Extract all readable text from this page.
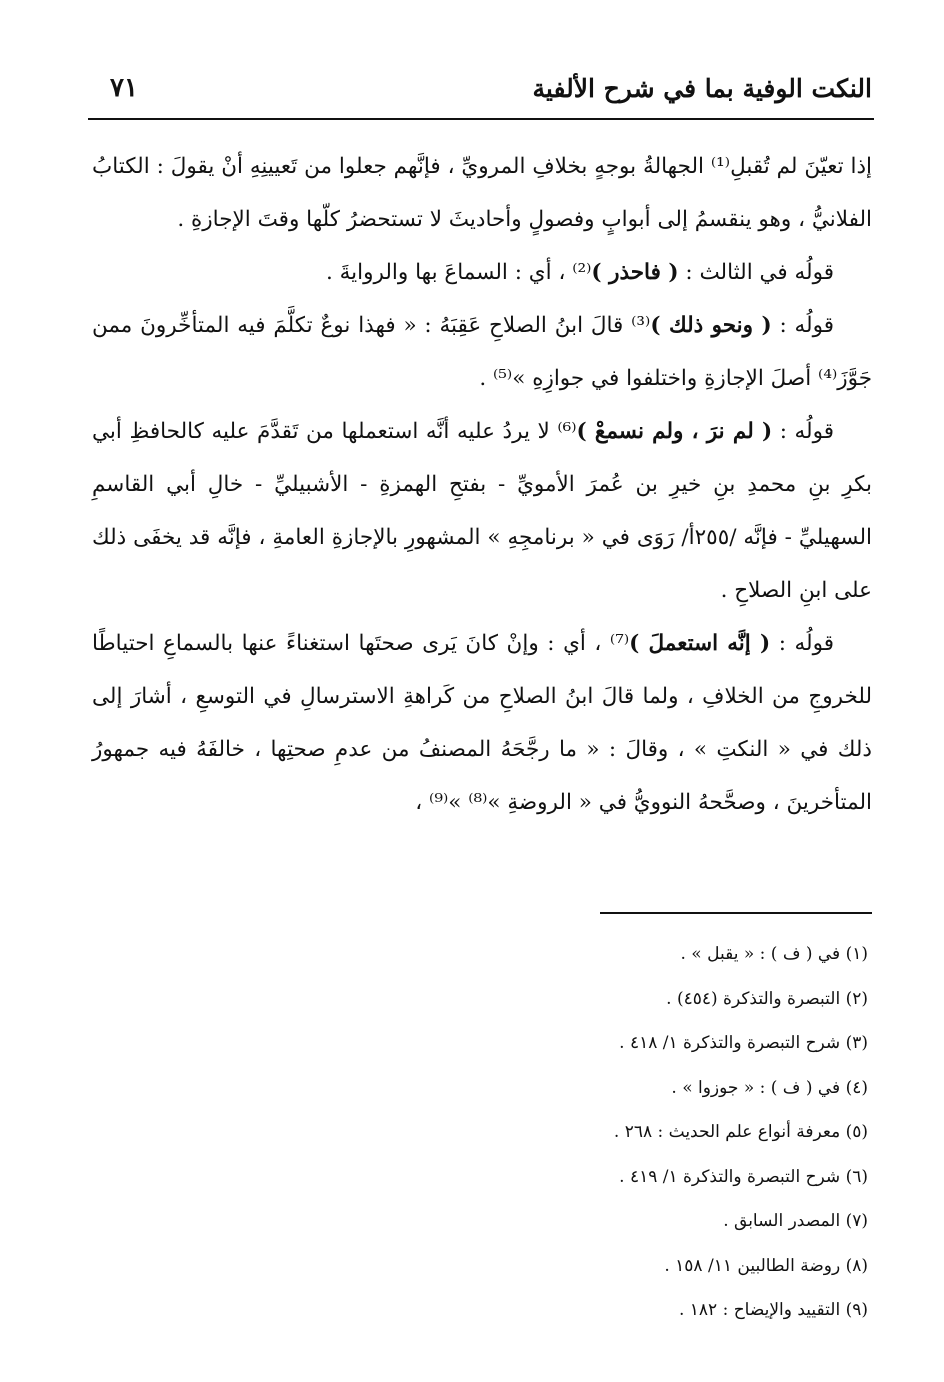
النكت الوفية بما في شرح الألفية
٧١

إذا تعيّنَ لم تُقبلِ⁽¹⁾ الجهالةُ بوجهٍ بخلافِ المرويِّ ، فإنَّهم جعلوا من تَعيينِهِ أنْ يقولَ : الكتابُ الفلانيُّ ، وهو ينقسمُ إلى أبوابٍ وفصولٍ وأحاديثَ لا تستحضرُ كلّها وقتَ الإجازةِ .

قولُه في الثالث : ( فاحذر )⁽²⁾ ، أي : السماعَ بها والروايةَ .

قولُه : ( ونحو ذلك )⁽³⁾ قالَ ابنُ الصلاحِ عَقِبَهُ : « فهذا نوعٌ تكلَّمَ فيه المتأخِّرونَ ممن جَوَّزَ⁽⁴⁾ أصلَ الإجازةِ واختلفوا في جوازِهِ »⁽⁵⁾ .

قولُه : ( لم نرَ ، ولم نسمعْ )⁽⁶⁾ لا يردُ عليه أنَّه استعملها من تَقدَّمَ عليه كالحافظِ أبي بكرِ بنِ محمدِ بنِ خيرِ بن عُمرَ الأمويِّ - بفتحِ الهمزةِ - الأشبيليِّ - خالِ أبي القاسمِ السهيليِّ - فإنَّه /٢٥٥أ/ رَوَى في « برنامجِهِ » المشهورِ بالإجازةِ العامةِ ، فإنَّه قد يخفَى ذلك على ابنِ الصلاحِ .

قولُه : ( إنَّه استعملَ )⁽⁷⁾ ، أي : وإنْ كانَ يَرى صحتَها استغناءً عنها بالسماعِ احتياطًا للخروجِ من الخلافِ ، ولما قالَ ابنُ الصلاحِ من كَراهةِ الاسترسالِ في التوسعِ ، أشارَ إلى ذلك في « النكتِ » ، وقالَ : « ما رجَّحَهُ المصنفُ من عدمِ صحتِها ، خالفَهُ فيه جمهورُ المتأخرينَ ، وصحَّحهُ النوويُّ في « الروضةِ »⁽⁸⁾ »⁽⁹⁾ ،

(١) في ( ف ) : « يقبل » .

(٢) التبصرة والتذكرة (٤٥٤) .

(٣) شرح التبصرة والتذكرة ١/ ٤١٨ .

(٤) في ( ف ) : « جوزوا » .

(٥) معرفة أنواع علم الحديث : ٢٦٨ .

(٦) شرح التبصرة والتذكرة ١/ ٤١٩ .

(٧) المصدر السابق .

(٨) روضة الطالبين ١١/ ١٥٨ .

(٩) التقييد والإيضاح : ١٨٢ .
